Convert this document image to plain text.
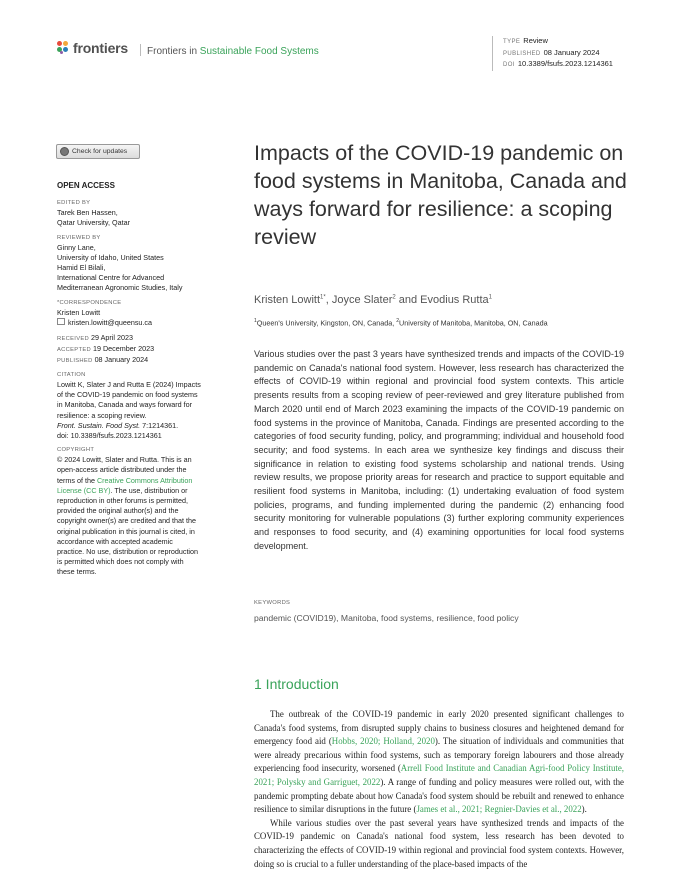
frontiers	Frontiers in Sustainable Food Systems
TYPE Review
PUBLISHED 08 January 2024
DOI 10.3389/fsufs.2023.1214361
Check for updates
OPEN ACCESS
EDITED BY
Tarek Ben Hassen,
Qatar University, Qatar
REVIEWED BY
Ginny Lane,
University of Idaho, United States
Hamid El Bilali,
International Centre for Advanced
Mediterranean Agronomic Studies, Italy
*CORRESPONDENCE
Kristen Lowitt
kristen.lowitt@queensu.ca
RECEIVED 29 April 2023
ACCEPTED 19 December 2023
PUBLISHED 08 January 2024
CITATION
Lowitt K, Slater J and Rutta E (2024) Impacts
of the COVID-19 pandemic on food systems
in Manitoba, Canada and ways forward for
resilience: a scoping review.
Front. Sustain. Food Syst. 7:1214361.
doi: 10.3389/fsufs.2023.1214361
COPYRIGHT
© 2024 Lowitt, Slater and Rutta. This is an
open-access article distributed under the
terms of the Creative Commons Attribution
License (CC BY). The use, distribution or
reproduction in other forums is permitted,
provided the original author(s) and the
copyright owner(s) are credited and that the
original publication in this journal is cited, in
accordance with accepted academic
practice. No use, distribution or reproduction
is permitted which does not comply with
these terms.
Impacts of the COVID-19 pandemic on food systems in Manitoba, Canada and ways forward for resilience: a scoping review
Kristen Lowitt$^{1*}$, Joyce Slater$^2$ and Evodius Rutta$^1$
$^1$Queen's University, Kingston, ON, Canada, $^2$University of Manitoba, Manitoba, ON, Canada
Various studies over the past 3 years have synthesized trends and impacts of the COVID-19 pandemic on Canada's national food system. However, less research has characterized the effects of COVID-19 within regional and provincial food system contexts. This article presents results from a scoping review of peer-reviewed and grey literature published from March 2020 until end of March 2023 examining the impacts of the COVID-19 pandemic on food systems in the province of Manitoba, Canada. Findings are presented according to the categories of food security funding, policy, and programming; individual and household food security; and food systems. In each area we synthesize key findings and discuss their significance in relation to existing food systems scholarship and national trends. Using review results, we propose priority areas for research and practice to support equitable and resilient food systems in Manitoba, including: (1) undertaking evaluation of food system policies, programs, and funding implemented during the pandemic (2) enhancing food security monitoring for vulnerable populations (3) further exploring community experiences and responses to food security, and (4) examining opportunities for local food systems development.
KEYWORDS
pandemic (COVID19), Manitoba, food systems, resilience, food policy
1 Introduction

The outbreak of the COVID-19 pandemic in early 2020 presented significant challenges to Canada's food systems, from disrupted supply chains to business closures and heightened demand for emergency food aid (Hobbs, 2020; Holland, 2020). The situation of individuals and communities that were already precarious within food systems, such as temporary foreign labourers and those already experiencing food insecurity, worsened (Arrell Food Institute and Canadian Agri-food Policy Institute, 2021; Polysky and Garriguet, 2022). A range of funding and policy measures were rolled out, with the pandemic prompting debate about how Canada's food system should be rebuilt and renewed to enhance resilience to similar disruptions in the future (James et al., 2021; Regnier-Davies et al., 2022).

While various studies over the past several years have synthesized trends and impacts of the COVID-19 pandemic on Canada's national food system, less research has been devoted to characterizing the effects of COVID-19 within regional and provincial food system contexts. However, doing so is crucial to a fuller understanding of the place-based impacts of the
